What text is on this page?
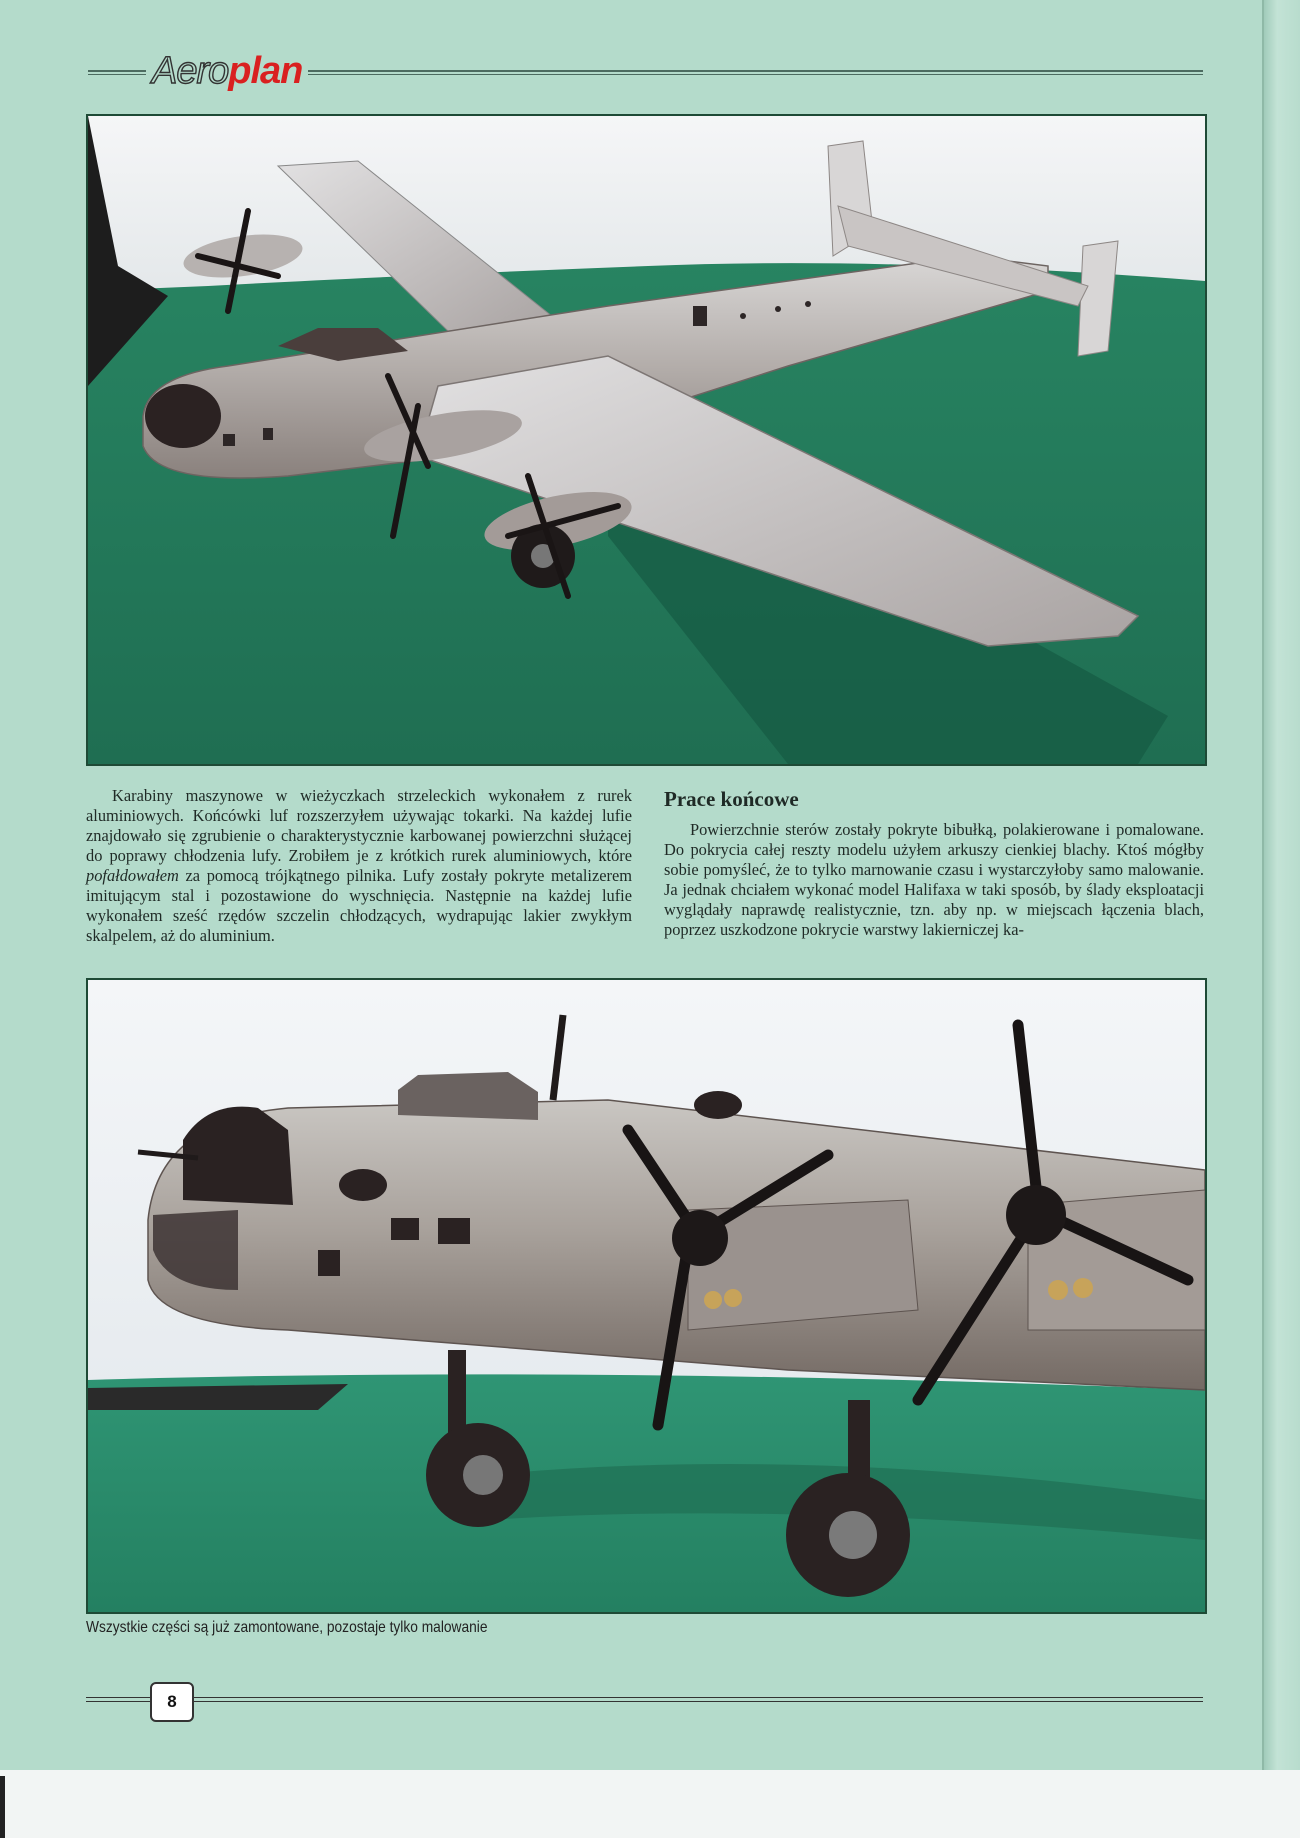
Aeroplan
Karabiny maszynowe w wieżyczkach strzeleckich wykonałem z rurek aluminiowych. Końcówki luf rozszerzyłem używając tokarki. Na każdej lufie znajdowało się zgrubienie o charakterystycznie karbowanej powierzchni służącej do poprawy chłodzenia lufy. Zrobiłem je z krótkich rurek aluminiowych, które pofałdowałem za pomocą trójkątnego pilnika. Lufy zostały pokryte metalizerem imitującym stal i pozostawione do wyschnięcia. Następnie na każdej lufie wykonałem sześć rzędów szczelin chłodzących, wydrapując lakier zwykłym skalpelem, aż do aluminium.
Prace końcowe

Powierzchnie sterów zostały pokryte bibułką, polakierowane i pomalowane. Do pokrycia całej reszty modelu użyłem arkuszy cienkiej blachy. Ktoś mógłby sobie pomyśleć, że to tylko marnowanie czasu i wystarczyłoby samo malowanie. Ja jednak chciałem wykonać model Halifaxa w taki sposób, by ślady eksploatacji wyglądały naprawdę realistycznie, tzn. aby np. w miejscach łączenia blach, poprzez uszkodzone pokrycie warstwy lakierniczej ka-

Wszystkie części są już zamontowane, pozostaje tylko malowanie
8
